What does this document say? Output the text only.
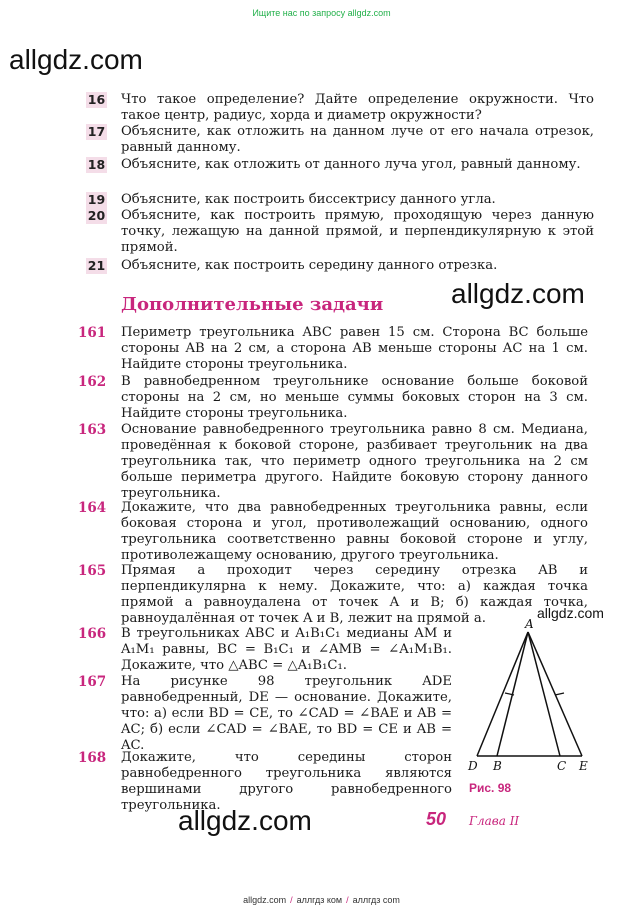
Ищите нас по запросу allgdz.com
allgdz.com
allgdz.com
allgdz.com
allgdz.com
16 Что такое определение? Дайте определение окружности. Что такое центр, радиус, хорда и диаметр окружности?
17 Объясните, как отложить на данном луче от его начала отрезок, равный данному.
18 Объясните, как отложить от данного луча угол, равный данному.
19 Объясните, как построить биссектрису данного угла.
20 Объясните, как построить прямую, проходящую через данную точку, лежащую на данной прямой, и перпендикулярную к этой прямой.
21 Объясните, как построить середину данного отрезка.
Дополнительные задачи
161 Периметр треугольника ABC равен 15 см. Сторона BC больше стороны AB на 2 см, а сторона AB меньше стороны AC на 1 см. Найдите стороны треугольника.
162 В равнобедренном треугольнике основание больше боковой стороны на 2 см, но меньше суммы боковых сторон на 3 см. Найдите стороны треугольника.
163 Основание равнобедренного треугольника равно 8 см. Медиана, проведённая к боковой стороне, разбивает треугольник на два треугольника так, что периметр одного треугольника на 2 см больше периметра другого. Найдите боковую сторону данного треугольника.
164 Докажите, что два равнобедренных треугольника равны, если боковая сторона и угол, противолежащий основанию, одного треугольника соответственно равны боковой стороне и углу, противолежащему основанию, другого треугольника.
165 Прямая a проходит через середину отрезка AB и перпендикулярна к нему. Докажите, что: а) каждая точка прямой a равноудалена от точек A и B; б) каждая точка, равноудалённая от точек A и B, лежит на прямой a.
166 В треугольниках ABC и A₁B₁C₁ медианы AM и A₁M₁ равны, BC = B₁C₁ и ∠AMB = ∠A₁M₁B₁. Докажите, что △ABC = △A₁B₁C₁.
167 На рисунке 98 треугольник ADE равнобедренный, DE — основание. Докажите, что: а) если BD = CE, то ∠CAD = ∠BAE и AB = AC; б) если ∠CAD = ∠BAE, то BD = CE и AB = AC.
168 Докажите, что середины сторон равнобедренного треугольника являются вершинами другого равнобедренного треугольника.
A
D B	C E
Рис. 98
50 Глава II
allgdz.com / аллгдз ком / аллгдз com
